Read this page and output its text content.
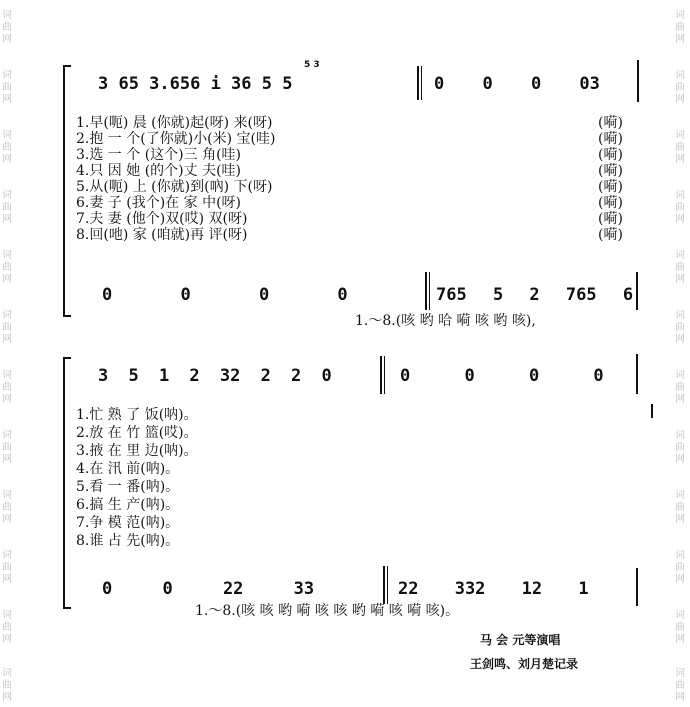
词曲网
词曲网
词曲网
词曲网
词曲网
词曲网
词曲网
词曲网
词曲网
词曲网
词曲网
词曲网
词曲网
词曲网
词曲网
词曲网
词曲网
词曲网
词曲网
词曲网
词曲网
词曲网
词曲网
词曲网
3 65 3.656 i 36 5 5
5 3
0 0 0 03
1.早(呃) 晨 (你就)起(呀) 来(呀)
2.抱 一 个(了你就)小(米) 宝(哇)
3.选 一 个 (这个)三 角(哇)
4.只 因 她 (的个)丈 夫(哇)
5.从(呃) 上 (你就)到(吶) 下(呀)
6.妻 子 (我个)在 家 中(呀)
7.夫 妻 (他个)双(哎) 双(呀)
8.回(吔) 家 (咱就)再 评(呀)
(嗬)
(嗬)
(嗬)
(嗬)
(嗬)
(嗬)
(嗬)
(嗬)
0 0 0 0	765 5 2 765 6
1.～8.(咳 哟 哈 嗬 咳 哟 咳),
3 5 1 2 32 2 2 0	0 0 0 0
1.忙 熟 了 饭(呐)。
2.放 在 竹 篮(哎)。
3.掖 在 里 边(呐)。
4.在 汛 前(呐)。
5.看 一 番(呐)。
6.搞 生 产(呐)。
7.争 模 范(呐)。
8.谁 占 先(呐)。
0 0 22 33	22 332 12 1
1.～8.(咳 咳 哟 嗬 咳 咳 哟 嗬 咳 嗬 咳)。
马 会 元等演唱
王剑鸣、刘月楚记录
